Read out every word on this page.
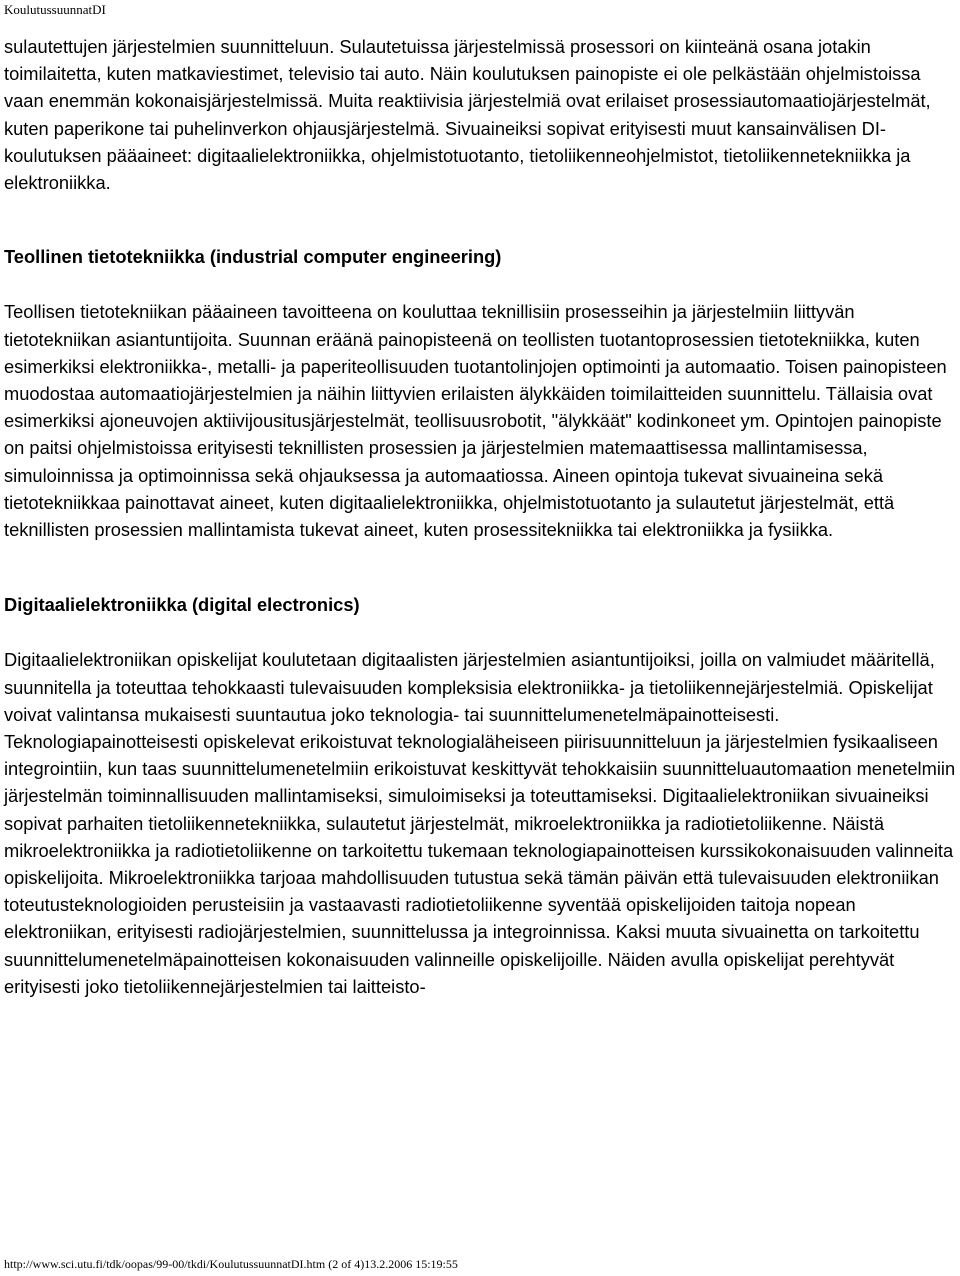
KoulutussuunnatDI

sulautettujen järjestelmien suunnitteluun. Sulautetuissa järjestelmissä prosessori on kiinteänä osana jotakin toimilaitetta, kuten matkaviestimet, televisio tai auto. Näin koulutuksen painopiste ei ole pelkästään ohjelmistoissa vaan enemmän kokonaisjärjestelmissä. Muita reaktiivisia järjestelmiä ovat erilaiset prosessiautomaatiojärjestelmät, kuten paperikone tai puhelinverkon ohjausjärjestelmä. Sivuaineiksi sopivat erityisesti muut kansainvälisen DI-koulutuksen pääaineet: digitaalielektroniikka, ohjelmistotuotanto, tietoliikenneohjelmistot, tietoliikennetekniikka ja elektroniikka.

Teollinen tietotekniikka (industrial computer engineering)

Teollisen tietotekniikan pääaineen tavoitteena on kouluttaa teknillisiin prosesseihin ja järjestelmiin liittyvän tietotekniikan asiantuntijoita. Suunnan eräänä painopisteenä on teollisten tuotantoprosessien tietotekniikka, kuten esimerkiksi elektroniikka-, metalli- ja paperiteollisuuden tuotantolinjojen optimointi ja automaatio. Toisen painopisteen muodostaa automaatiojärjestelmien ja näihin liittyvien erilaisten älykkäiden toimilaitteiden suunnittelu. Tällaisia ovat esimerkiksi ajoneuvojen aktiivijousitusjärjestelmät, teollisuusrobotit, "älykkäät" kodinkoneet ym. Opintojen painopiste on paitsi ohjelmistoissa erityisesti teknillisten prosessien ja järjestelmien matemaattisessa mallintamisessa, simuloinnissa ja optimoinnissa sekä ohjauksessa ja automaatiossa. Aineen opintoja tukevat sivuaineina sekä tietotekniikkaa painottavat aineet, kuten digitaalielektroniikka, ohjelmistotuotanto ja sulautetut järjestelmät, että teknillisten prosessien mallintamista tukevat aineet, kuten prosessitekniikka tai elektroniikka ja fysiikka.

Digitaalielektroniikka (digital electronics)

Digitaalielektroniikan opiskelijat koulutetaan digitaalisten järjestelmien asiantuntijoiksi, joilla on valmiudet määritellä, suunnitella ja toteuttaa tehokkaasti tulevaisuuden kompleksisia elektroniikka- ja tietoliikennejärjestelmiä. Opiskelijat voivat valintansa mukaisesti suuntautua joko teknologia- tai suunnittelumenetelmäpainotteisesti. Teknologiapainotteisesti opiskelevat erikoistuvat teknologialäheiseen piirisuunnitteluun ja järjestelmien fysikaaliseen integrointiin, kun taas suunnittelumenetelmiin erikoistuvat keskittyvät tehokkaisiin suunnitteluautomaation menetelmiin järjestelmän toiminnallisuuden mallintamiseksi, simuloimiseksi ja toteuttamiseksi. Digitaalielektroniikan sivuaineiksi sopivat parhaiten tietoliikennetekniikka, sulautetut järjestelmät, mikroelektroniikka ja radiotietoliikenne. Näistä mikroelektroniikka ja radiotietoliikenne on tarkoitettu tukemaan teknologiapainotteisen kurssikokonaisuuden valinneita opiskelijoita. Mikroelektroniikka tarjoaa mahdollisuuden tutustua sekä tämän päivän että tulevaisuuden elektroniikan toteutusteknologioiden perusteisiin ja vastaavasti radiotietoliikenne syventää opiskelijoiden taitoja nopean elektroniikan, erityisesti radiojärjestelmien, suunnittelussa ja integroinnissa. Kaksi muuta sivuainetta on tarkoitettu suunnittelumenetelmäpainotteisen kokonaisuuden valinneille opiskelijoille. Näiden avulla opiskelijat perehtyvät erityisesti joko tietoliikennejärjestelmien tai laitteisto-

http://www.sci.utu.fi/tdk/oopas/99-00/tkdi/KoulutussuunnatDI.htm (2 of 4)13.2.2006 15:19:55
